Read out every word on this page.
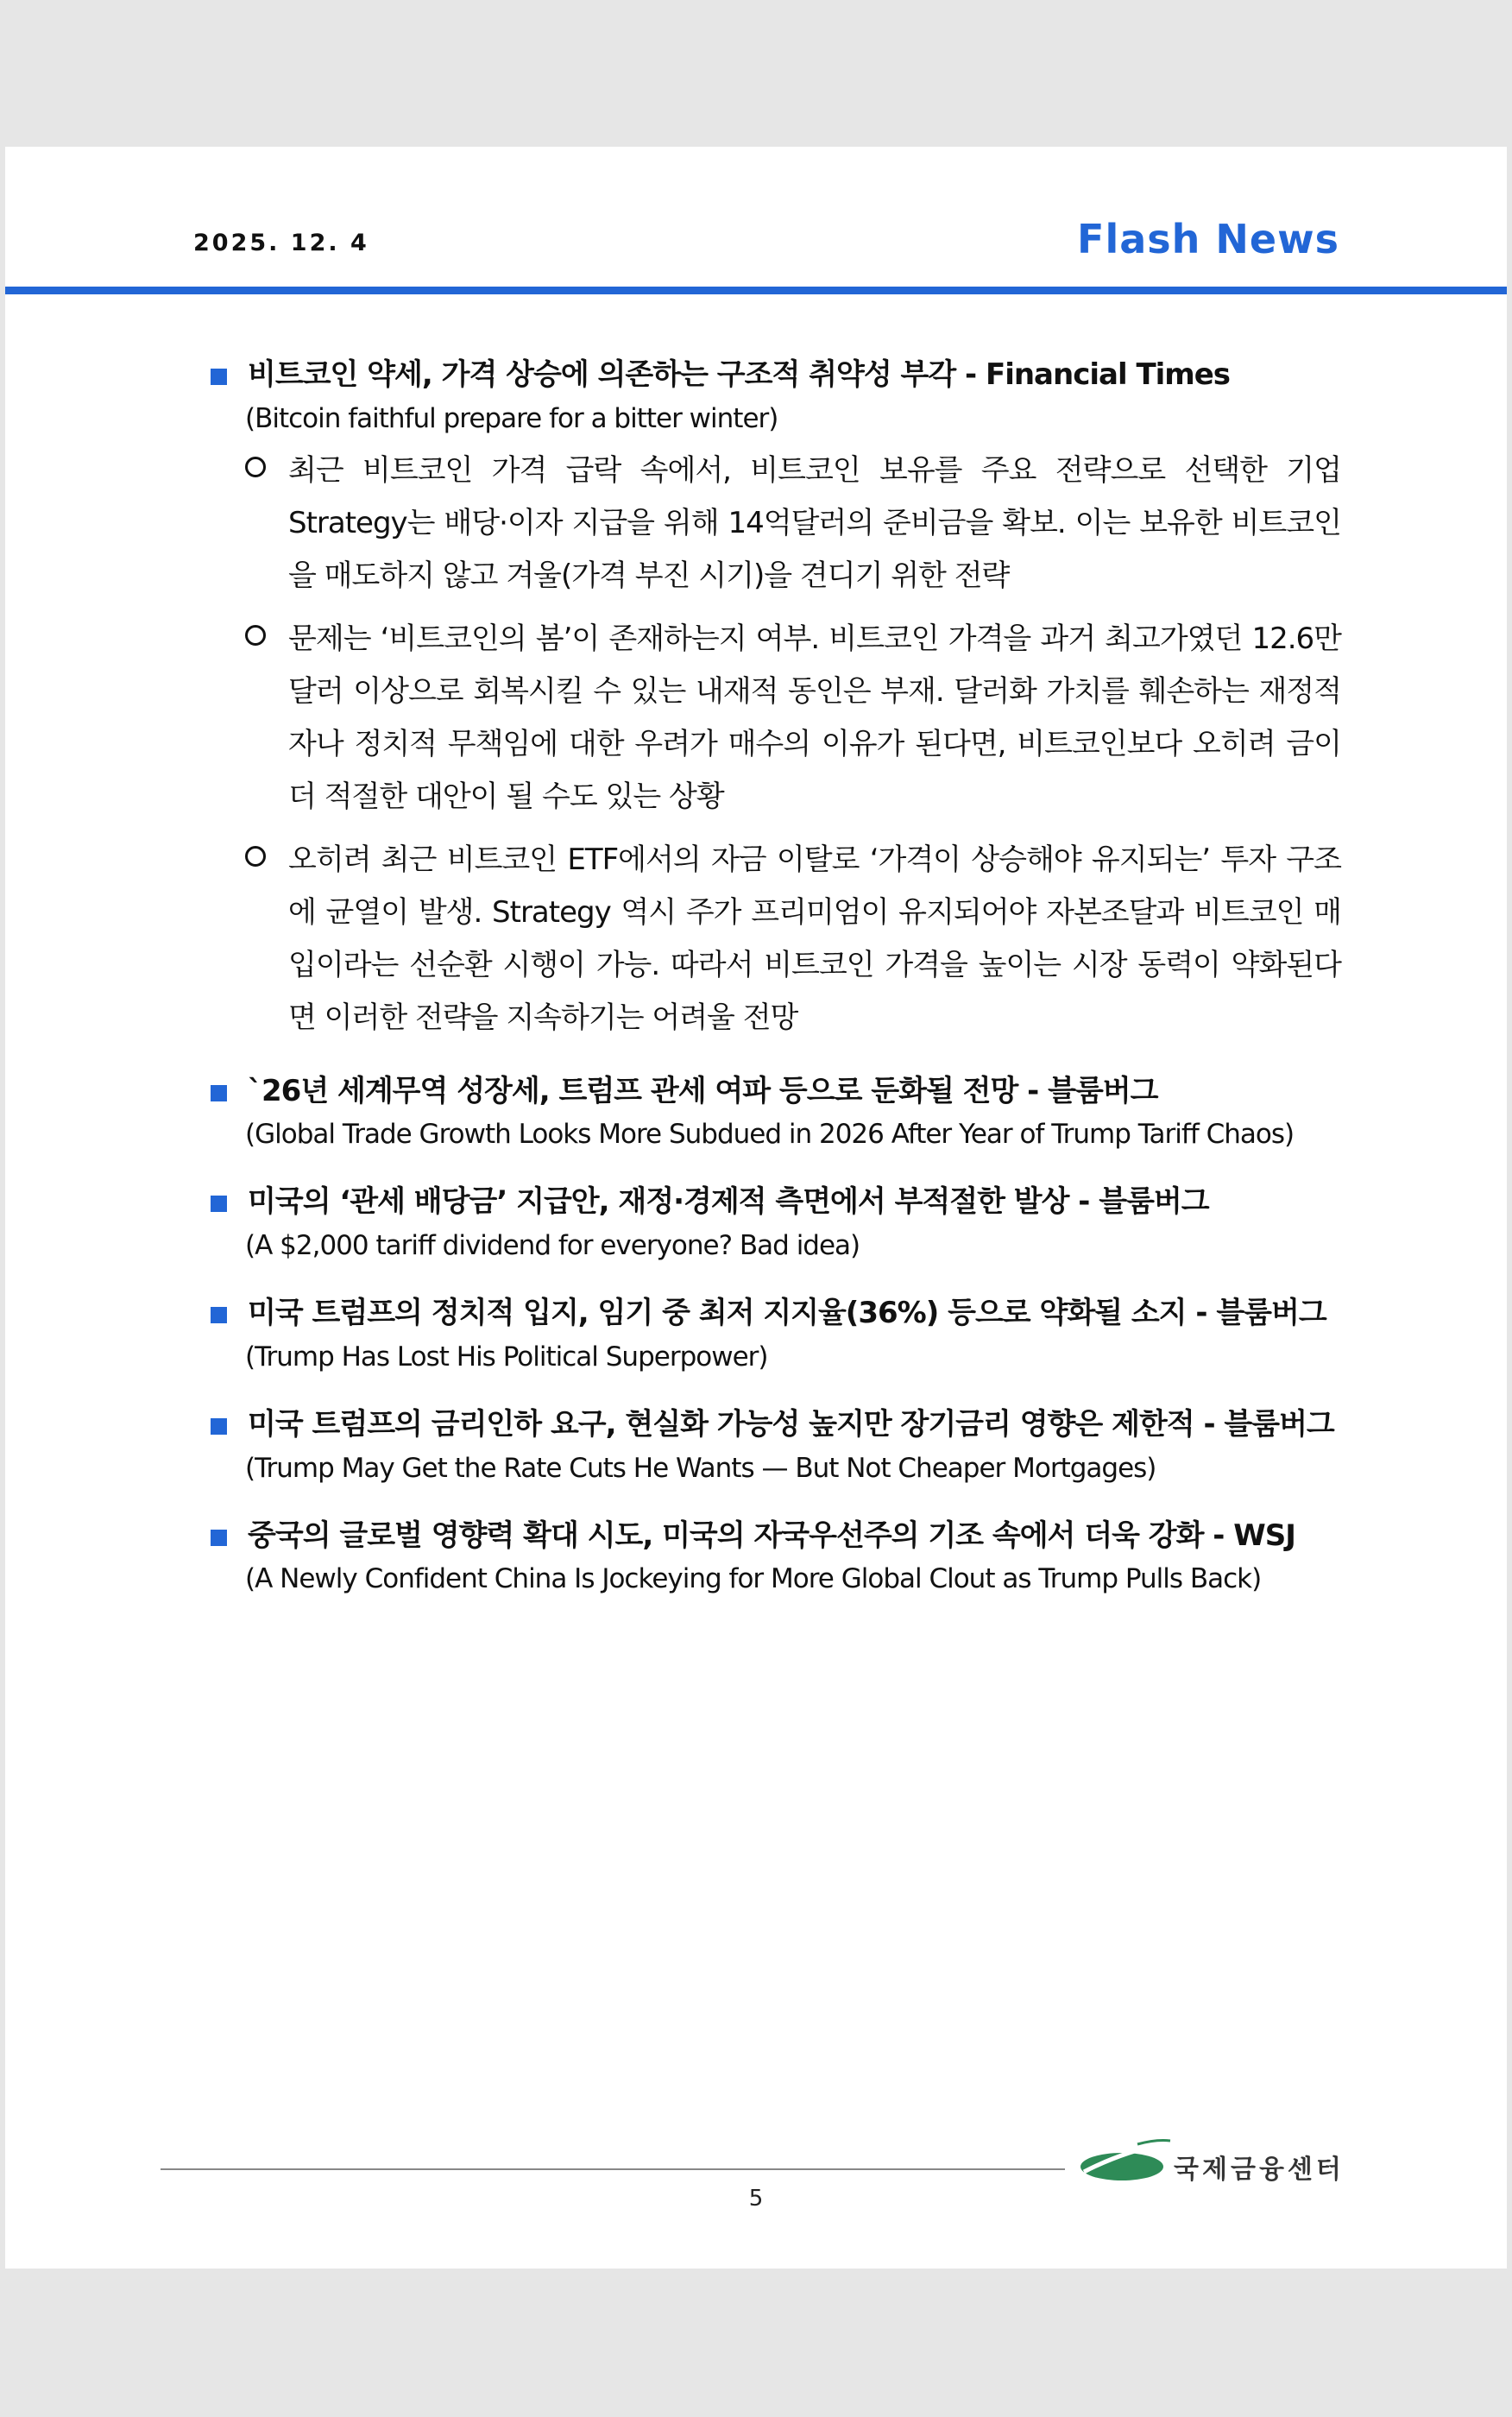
2025. 12. 4	Flash News
비트코인 약세, 가격 상승에 의존하는 구조적 취약성 부각 - Financial Times
(Bitcoin faithful prepare for a bitter winter)
최근 비트코인 가격 급락 속에서, 비트코인 보유를 주요 전략으로 선택한 기업 Strategy는 배당·이자 지급을 위해 14억달러의 준비금을 확보. 이는 보유한 비트코인을 매도하지 않고 겨울(가격 부진 시기)을 견디기 위한 전략
문제는 ‘비트코인의 봄’이 존재하는지 여부. 비트코인 가격을 과거 최고가였던 12.6만 달러 이상으로 회복시킬 수 있는 내재적 동인은 부재. 달러화 가치를 훼손하는 재정적자나 정치적 무책임에 대한 우려가 매수의 이유가 된다면, 비트코인보다 오히려 금이 더 적절한 대안이 될 수도 있는 상황
오히려 최근 비트코인 ETF에서의 자금 이탈로 ‘가격이 상승해야 유지되는’ 투자 구조에 균열이 발생. Strategy 역시 주가 프리미엄이 유지되어야 자본조달과 비트코인 매입이라는 선순환 시행이 가능. 따라서 비트코인 가격을 높이는 시장 동력이 약화된다면 이러한 전략을 지속하기는 어려울 전망
`26년 세계무역 성장세, 트럼프 관세 여파 등으로 둔화될 전망 - 블룸버그
(Global Trade Growth Looks More Subdued in 2026 After Year of Trump Tariff Chaos)
미국의 ‘관세 배당금’ 지급안, 재정·경제적 측면에서 부적절한 발상 - 블룸버그
(A $2,000 tariff dividend for everyone? Bad idea)
미국 트럼프의 정치적 입지, 임기 중 최저 지지율(36%) 등으로 약화될 소지 - 블룸버그
(Trump Has Lost His Political Superpower)
미국 트럼프의 금리인하 요구, 현실화 가능성 높지만 장기금리 영향은 제한적 - 블룸버그
(Trump May Get the Rate Cuts He Wants — But Not Cheaper Mortgages)
중국의 글로벌 영향력 확대 시도, 미국의 자국우선주의 기조 속에서 더욱 강화 - WSJ
(A Newly Confident China Is Jockeying for More Global Clout as Trump Pulls Back)
국제금융센터
5
